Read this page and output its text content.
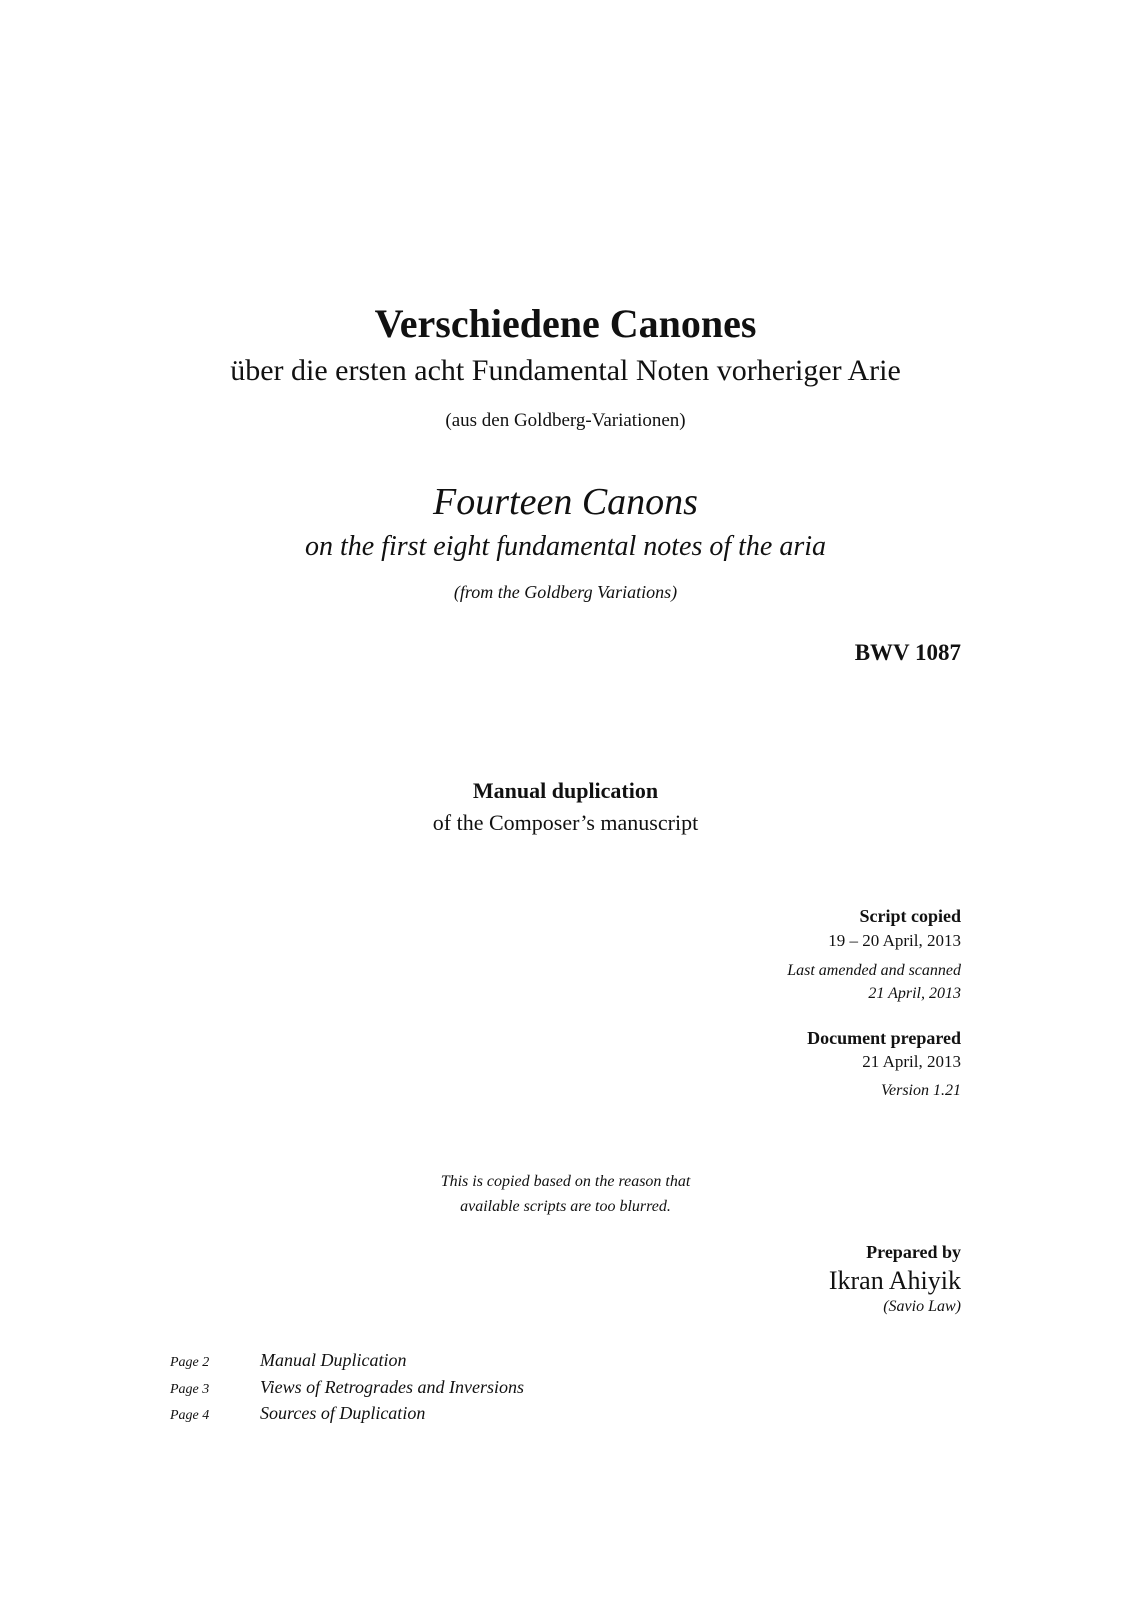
Verschiedene Canones
über die ersten acht Fundamental Noten vorheriger Arie
(aus den Goldberg-Variationen)
Fourteen Canons
on the first eight fundamental notes of the aria
(from the Goldberg Variations)
BWV 1087
Manual duplication
of the Composer’s manuscript
Script copied
19 – 20 April, 2013
Last amended and scanned
21 April, 2013
Document prepared
21 April, 2013
Version 1.21
This is copied based on the reason that
available scripts are too blurred.
Prepared by
Ikran Ahiyik
(Savio Law)
Page 2	Manual Duplication
Page 3	Views of Retrogrades and Inversions
Page 4	Sources of Duplication
